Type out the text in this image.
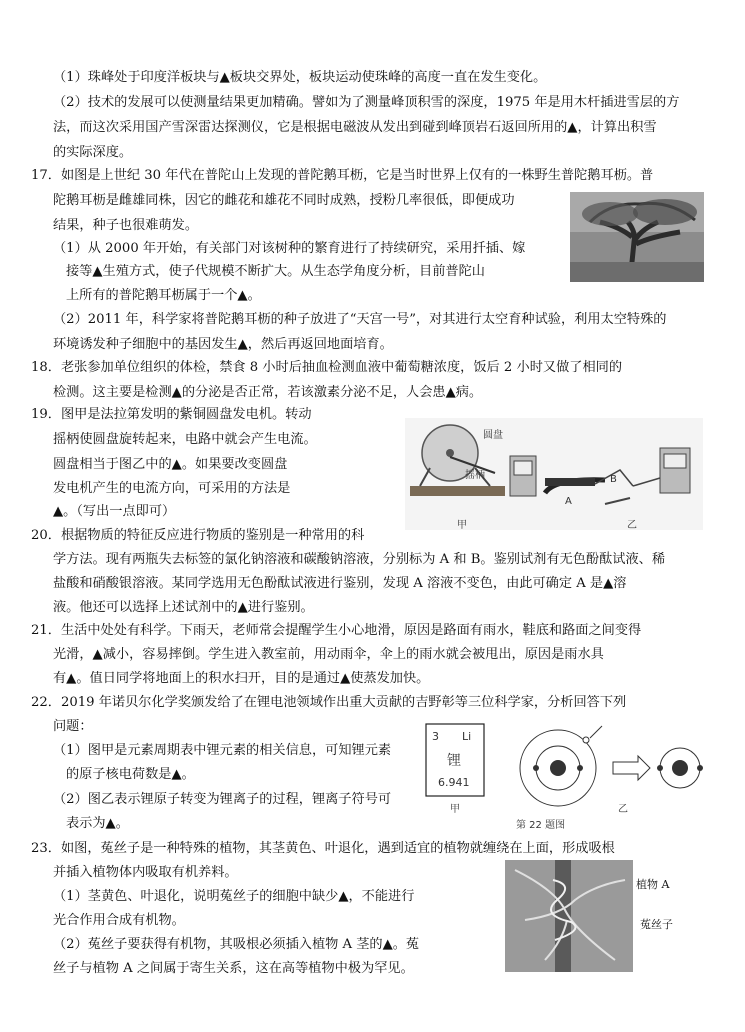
（1）珠峰处于印度洋板块与▲板块交界处，板块运动使珠峰的高度一直在发生变化。
（2）技术的发展可以使测量结果更加精确。譬如为了测量峰顶积雪的深度，1975 年是用木杆插进雪层的方
法，而这次采用国产雪深雷达探测仪，它是根据电磁波从发出到碰到峰顶岩石返回所用的▲，计算出积雪
的实际深度。
17．如图是上世纪 30 年代在普陀山上发现的普陀鹅耳枥，它是当时世界上仅有的一株野生普陀鹅耳枥。普
陀鹅耳枥是雌雄同株，因它的雌花和雄花不同时成熟，授粉几率很低，即便成功
结果，种子也很难萌发。
（1）从 2000 年开始，有关部门对该树种的繁育进行了持续研究，采用扦插、嫁
接等▲生殖方式，使子代规模不断扩大。从生态学角度分析，目前普陀山
上所有的普陀鹅耳枥属于一个▲。
（2）2011 年，科学家将普陀鹅耳枥的种子放进了“天宫一号”，对其进行太空育种试验，利用太空特殊的
环境诱发种子细胞中的基因发生▲，然后再返回地面培育。
18．老张参加单位组织的体检，禁食 8 小时后抽血检测血液中葡萄糖浓度，饭后 2 小时又做了相同的
检测。这主要是检测▲的分泌是否正常，若该激素分泌不足，人会患▲病。
19．图甲是法拉第发明的紫铜圆盘发电机。转动
摇柄使圆盘旋转起来，电路中就会产生电流。
圆盘相当于图乙中的▲。如果要改变圆盘
发电机产生的电流方向，可采用的方法是
▲。（写出一点即可）
20．根据物质的特征反应进行物质的鉴别是一种常用的科
学方法。现有两瓶失去标签的氯化钠溶液和碳酸钠溶液，分别标为 A 和 B。鉴别试剂有无色酚酞试液、稀
盐酸和硝酸银溶液。某同学选用无色酚酞试液进行鉴别，发现 A 溶液不变色，由此可确定 A 是▲溶
液。他还可以选择上述试剂中的▲进行鉴别。
21．生活中处处有科学。下雨天，老师常会提醒学生小心地滑，原因是路面有雨水，鞋底和路面之间变得
光滑，▲减小，容易摔倒。学生进入教室前，用动雨伞，伞上的雨水就会被甩出，原因是雨水具
有▲。值日同学将地面上的积水扫开，目的是通过▲使蒸发加快。
22．2019 年诺贝尔化学奖颁发给了在锂电池领域作出重大贡献的吉野彰等三位科学家，分析回答下列
问题：
（1）图甲是元素周期表中锂元素的相关信息，可知锂元素
的原子核电荷数是▲。
（2）图乙表示锂原子转变为锂离子的过程，锂离子符号可
表示为▲。
23．如图，菟丝子是一种特殊的植物，其茎黄色、叶退化，遇到适宜的植物就缠绕在上面，形成吸根
并插入植物体内吸取有机养料。
（1）茎黄色、叶退化，说明菟丝子的细胞中缺少▲，不能进行
光合作用合成有机物。
（2）菟丝子要获得有机物，其吸根必须插入植物 A 茎的▲。菟
丝子与植物 A 之间属于寄生关系，这在高等植物中极为罕见。
圆盘
摇柄
A
B
甲	乙
3 Li
锂
6.941
甲	乙
第 22 题图
植物 A
菟丝子
